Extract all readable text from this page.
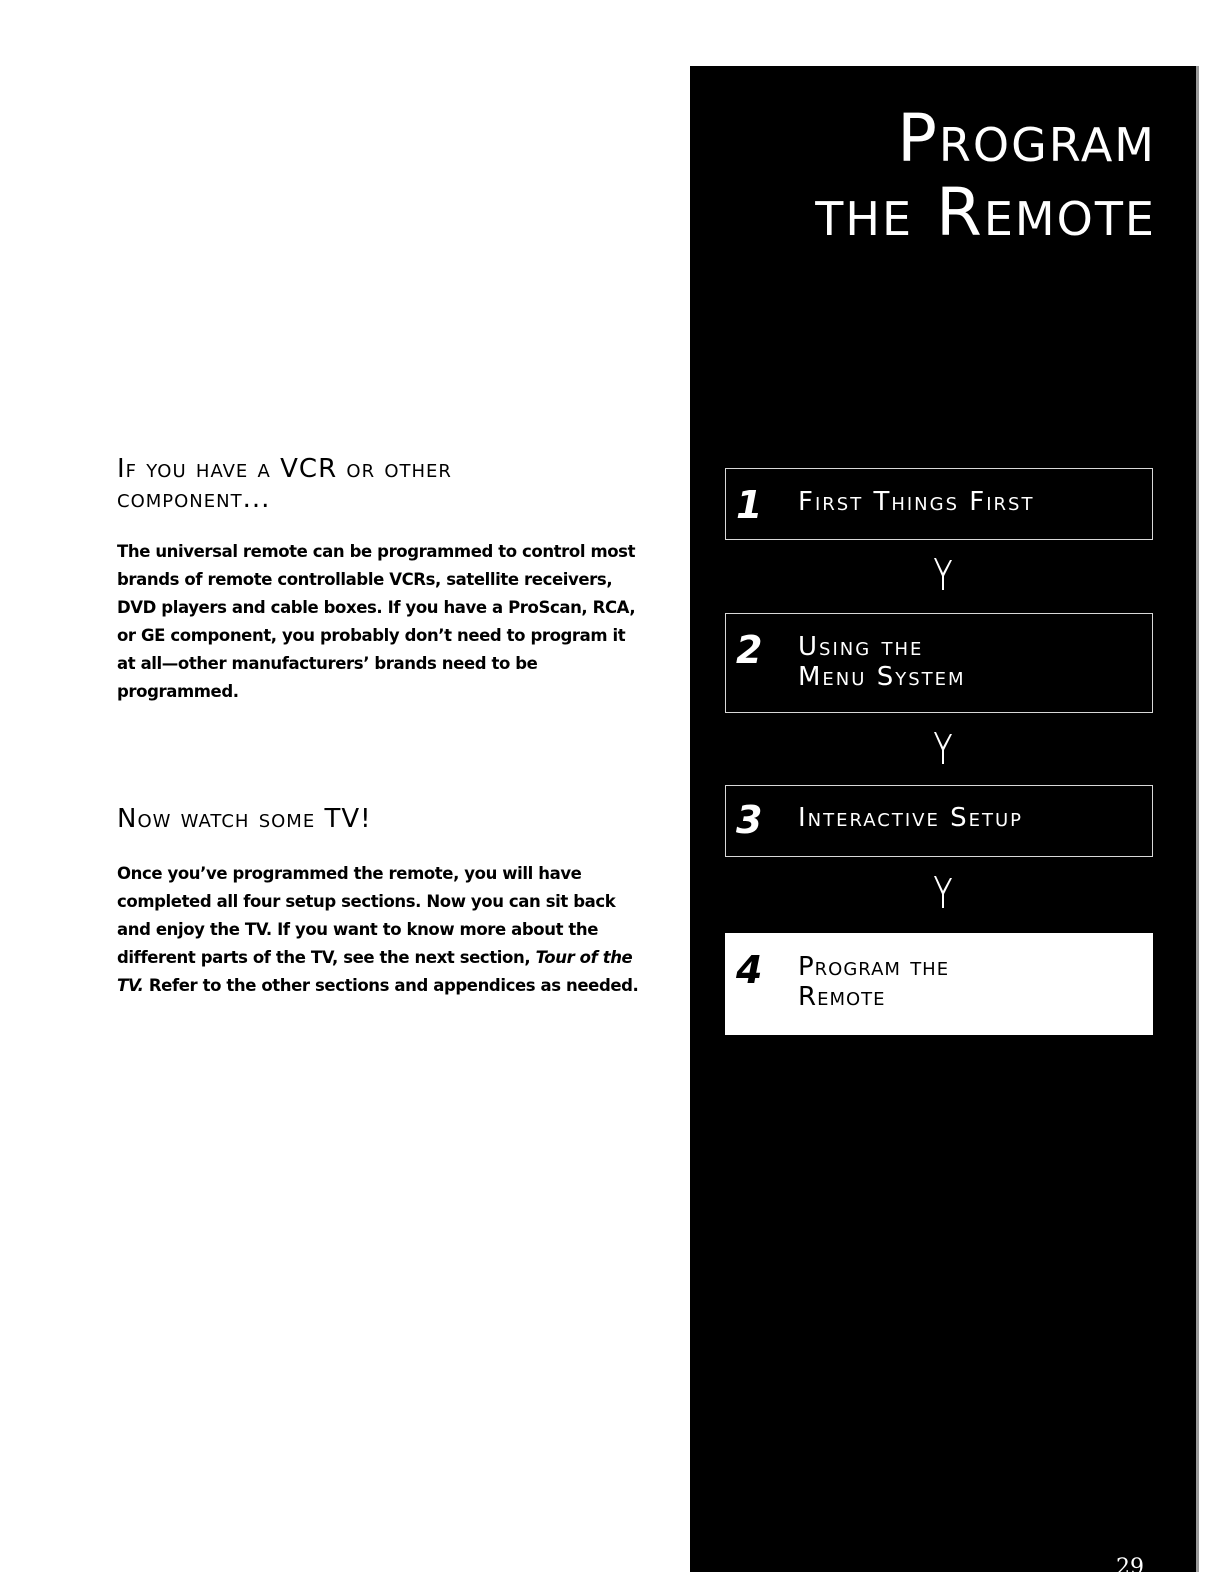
If you have a VCR or other component...

The universal remote can be programmed to control most brands of remote controllable VCRs, satellite receivers, DVD players and cable boxes. If you have a ProScan, RCA, or GE component, you probably don’t need to program it at all—other manufacturers’ brands need to be programmed.

Now watch some TV!

Once you’ve programmed the remote, you will have completed all four setup sections. Now you can sit back and enjoy the TV. If you want to know more about the different parts of the TV, see the next section, Tour of the TV. Refer to the other sections and appendices as needed.

Program
the Remote
1 First Things First
2 Using the
Menu System
3 Interactive Setup
4 Program the
Remote
29
